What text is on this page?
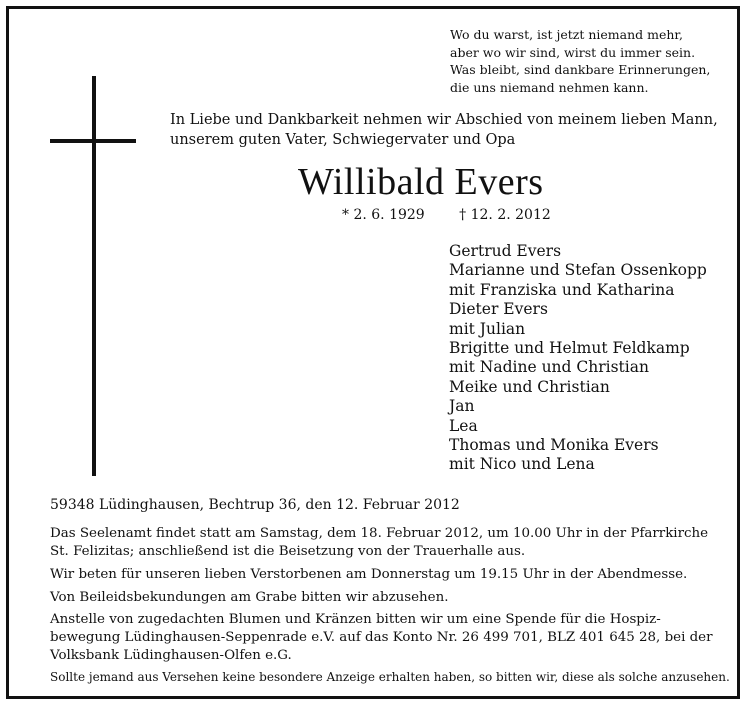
Wo du warst, ist jetzt niemand mehr,
aber wo wir sind, wirst du immer sein.
Was bleibt, sind dankbare Erinnerungen,
die uns niemand nehmen kann.
In Liebe und Dankbarkeit nehmen wir Abschied von meinem lieben Mann,
unserem guten Vater, Schwiegervater und Opa
Willibald Evers
* 2. 6. 1929 † 12. 2. 2012
Gertrud Evers
Marianne und Stefan Ossenkopp
mit Franziska und Katharina
Dieter Evers
mit Julian
Brigitte und Helmut Feldkamp
mit Nadine und Christian
Meike und Christian
Jan
Lea
Thomas und Monika Evers
mit Nico und Lena
59348 Lüdinghausen, Bechtrup 36, den 12. Februar 2012
Das Seelenamt findet statt am Samstag, dem 18. Februar 2012, um 10.00 Uhr in der Pfarrkirche
St. Felizitas; anschließend ist die Beisetzung von der Trauerhalle aus.
Wir beten für unseren lieben Verstorbenen am Donnerstag um 19.15 Uhr in der Abendmesse.
Von Beileidsbekundungen am Grabe bitten wir abzusehen.
Anstelle von zugedachten Blumen und Kränzen bitten wir um eine Spende für die Hospiz-
bewegung Lüdinghausen-Seppenrade e.V. auf das Konto Nr. 26 499 701, BLZ 401 645 28, bei der
Volksbank Lüdinghausen-Olfen e.G.
Sollte jemand aus Versehen keine besondere Anzeige erhalten haben, so bitten wir, diese als solche anzusehen.
